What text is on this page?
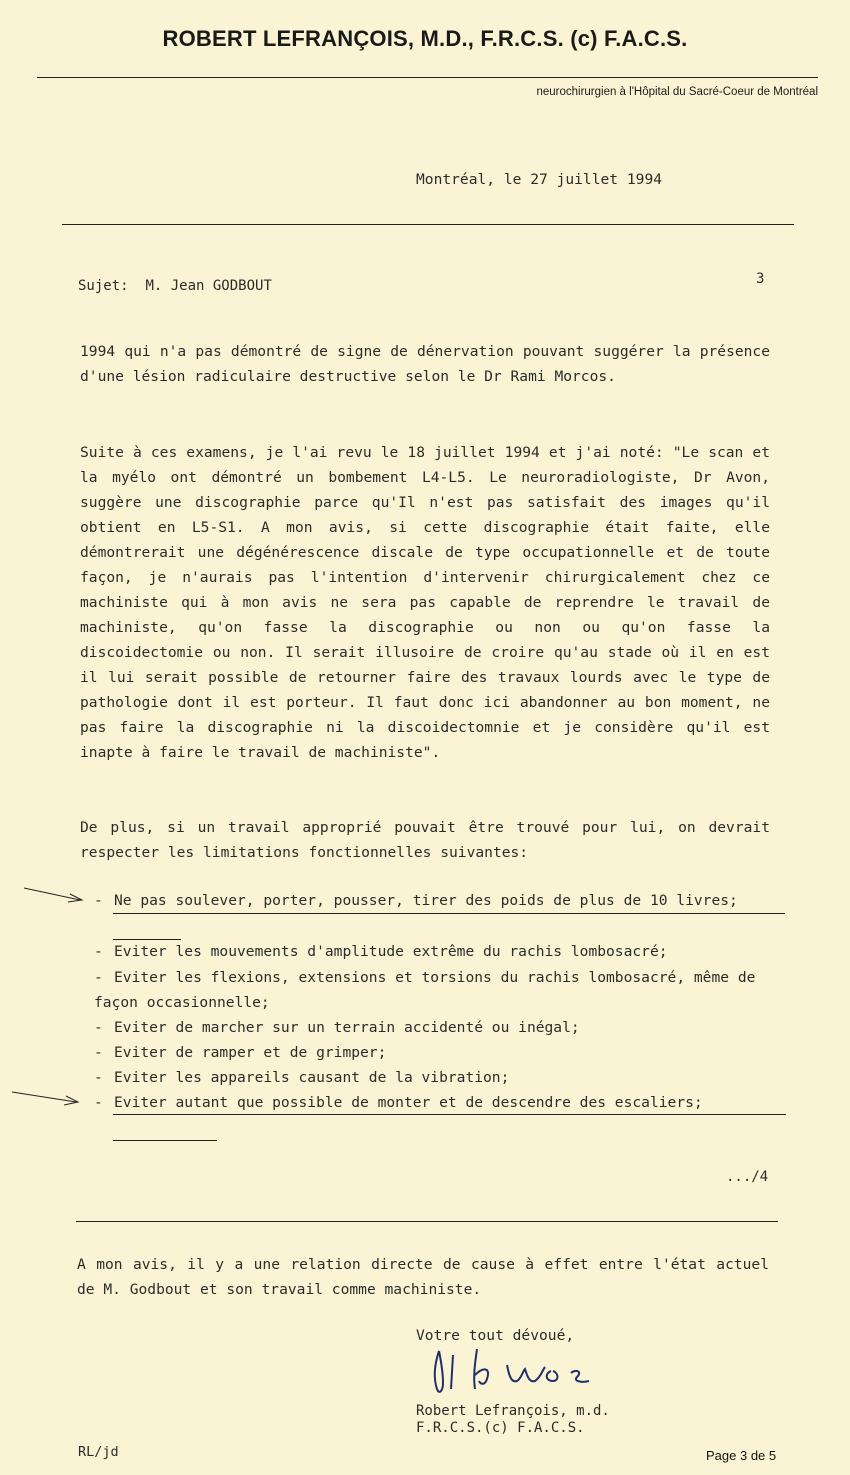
ROBERT LEFRANÇOIS, M.D., F.R.C.S. (c) F.A.C.S.
neurochirurgien à l'Hôpital du Sacré-Coeur de Montréal
Montréal, le 27 juillet 1994
Sujet: M. Jean GODBOUT	3
1994 qui n'a pas démontré de signe de dénervation pouvant suggérer la présence d'une lésion radiculaire destructive selon le Dr Rami Morcos.
Suite à ces examens, je l'ai revu le 18 juillet 1994 et j'ai noté: "Le scan et la myélo ont démontré un bombement L4-L5. Le neuroradiologiste, Dr Avon, suggère une discographie parce qu'Il n'est pas satisfait des images qu'il obtient en L5-S1. A mon avis, si cette discographie était faite, elle démontrerait une dégénérescence discale de type occupationnelle et de toute façon, je n'aurais pas l'intention d'intervenir chirurgicalement chez ce machiniste qui à mon avis ne sera pas capable de reprendre le travail de machiniste, qu'on fasse la discographie ou non ou qu'on fasse la discoidectomie ou non. Il serait illusoire de croire qu'au stade où il en est il lui serait possible de retourner faire des travaux lourds avec le type de pathologie dont il est porteur. Il faut donc ici abandonner au bon moment, ne pas faire la discographie ni la discoidectomnie et je considère qu'il est inapte à faire le travail de machiniste".
De plus, si un travail approprié pouvait être trouvé pour lui, on devrait respecter les limitations fonctionnelles suivantes:
- Ne pas soulever, porter, pousser, tirer des poids de plus de 10 livres;
- Eviter les mouvements d'amplitude extrême du rachis lombosacré;
- Eviter les flexions, extensions et torsions du rachis lombosacré, même de façon occasionnelle;
- Eviter de marcher sur un terrain accidenté ou inégal;
- Eviter de ramper et de grimper;
- Eviter les appareils causant de la vibration;
- Eviter autant que possible de monter et de descendre des escaliers;
.../4
A mon avis, il y a une relation directe de cause à effet entre l'état actuel de M. Godbout et son travail comme machiniste.
Votre tout dévoué,
Robert Lefrançois, m.d.
F.R.C.S.(c) F.A.C.S.
RL/jd	Page 3 de 5
